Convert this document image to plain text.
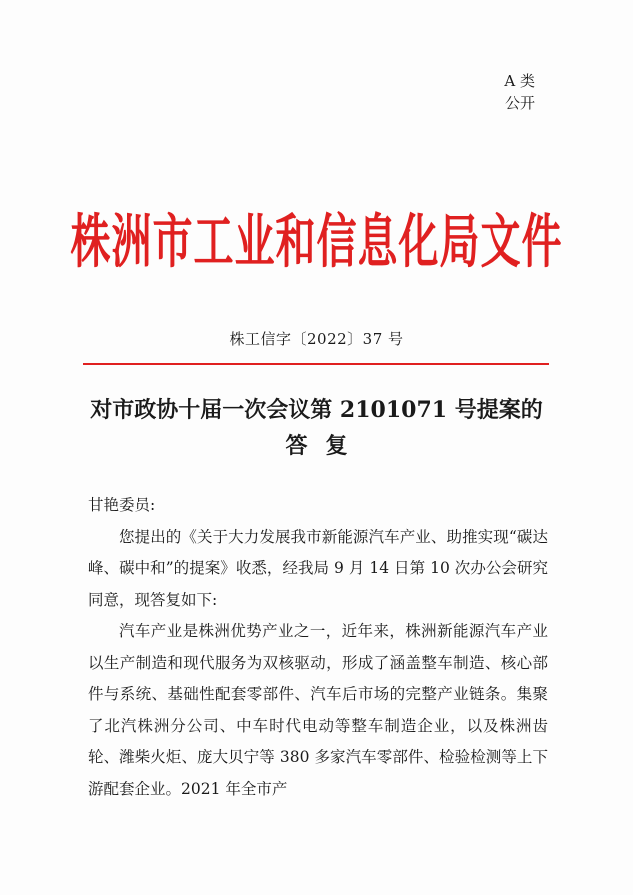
A 类
公开
株洲市工业和信息化局文件
株工信字〔2022〕37 号
对市政协十届一次会议第 2101071 号提案的
答复

甘艳委员:

您提出的《关于大力发展我市新能源汽车产业、助推实现“碳达峰、碳中和”的提案》收悉，经我局 9 月 14 日第 10 次办公会研究同意，现答复如下:

汽车产业是株洲优势产业之一，近年来，株洲新能源汽车产业以生产制造和现代服务为双核驱动，形成了涵盖整车制造、核心部件与系统、基础性配套零部件、汽车后市场的完整产业链条。集聚了北汽株洲分公司、中车时代电动等整车制造企业，以及株洲齿轮、潍柴火炬、庞大贝宁等 380 多家汽车零部件、检验检测等上下游配套企业。2021 年全市产
